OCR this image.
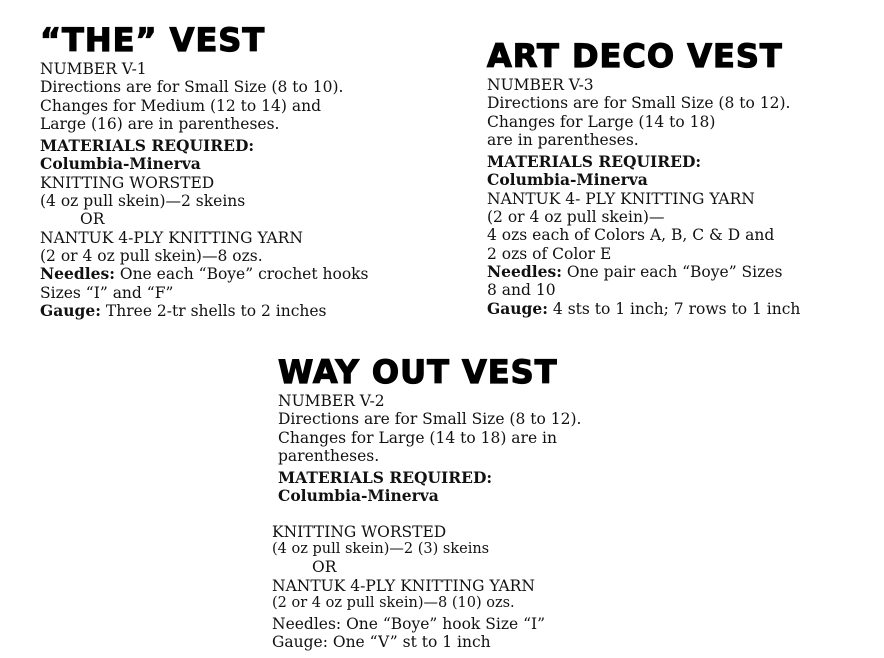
“THE” VEST
NUMBER V-1
Directions are for Small Size (8 to 10).
Changes for Medium (12 to 14) and
Large (16) are in parentheses.
MATERIALS REQUIRED:
Columbia-Minerva
KNITTING WORSTED
(4 oz pull skein)—2 skeins
OR
NANTUK 4-PLY KNITTING YARN
(2 or 4 oz pull skein)—8 ozs.
Needles: One each “Boye” crochet hooks
Sizes “I” and “F”
Gauge: Three 2-tr shells to 2 inches
ART DECO VEST
NUMBER V-3
Directions are for Small Size (8 to 12).
Changes for Large (14 to 18)
are in parentheses.
MATERIALS REQUIRED:
Columbia-Minerva
NANTUK 4- PLY KNITTING YARN
(2 or 4 oz pull skein)—
4 ozs each of Colors A, B, C & D and
2 ozs of Color E
Needles: One pair each “Boye” Sizes
8 and 10
Gauge: 4 sts to 1 inch; 7 rows to 1 inch
WAY OUT VEST
NUMBER V-2
Directions are for Small Size (8 to 12).
Changes for Large (14 to 18) are in
parentheses.
MATERIALS REQUIRED:
Columbia-Minerva
KNITTING WORSTED
(4 oz pull skein)—2 (3) skeins
OR
NANTUK 4-PLY KNITTING YARN
(2 or 4 oz pull skein)—8 (10) ozs.
Needles: One “Boye” hook Size “I”
Gauge: One “V” st to 1 inch
